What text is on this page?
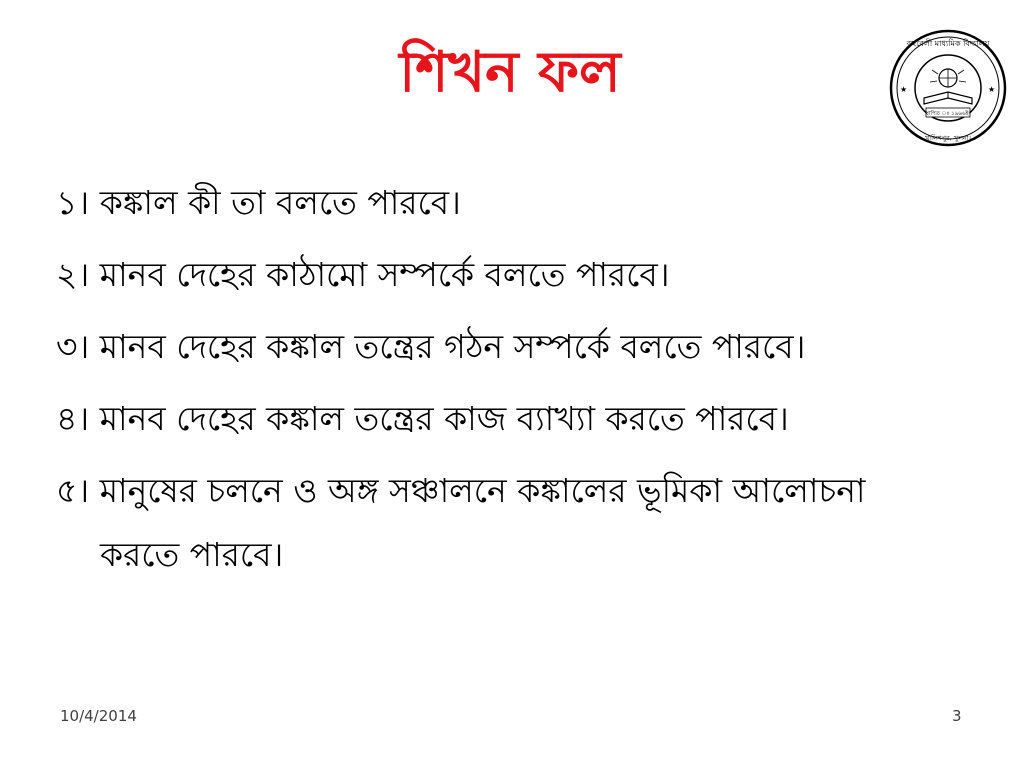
শিখন ফল	বহুবেলী মাধ্যমিক বিদ্যালয়
খালিশপুর, খুলনা।
★	★
স্থাপিত ঃ ১৯৬৬ইং
১। কঙ্কাল কী তা বলতে পারবে।
২। মানব দেহের কাঠামো সম্পর্কে বলতে পারবে।
৩। মানব দেহের কঙ্কাল তন্ত্রের গঠন সম্পর্কে বলতে পারবে।
৪। মানব দেহের কঙ্কাল তন্ত্রের কাজ ব্যাখ্যা করতে পারবে।
৫। মানুষের চলনে ও অঙ্গ সঞ্চালনে কঙ্কালের ভূমিকা আলোচনা
করতে পারবে।
10/4/2014	3
